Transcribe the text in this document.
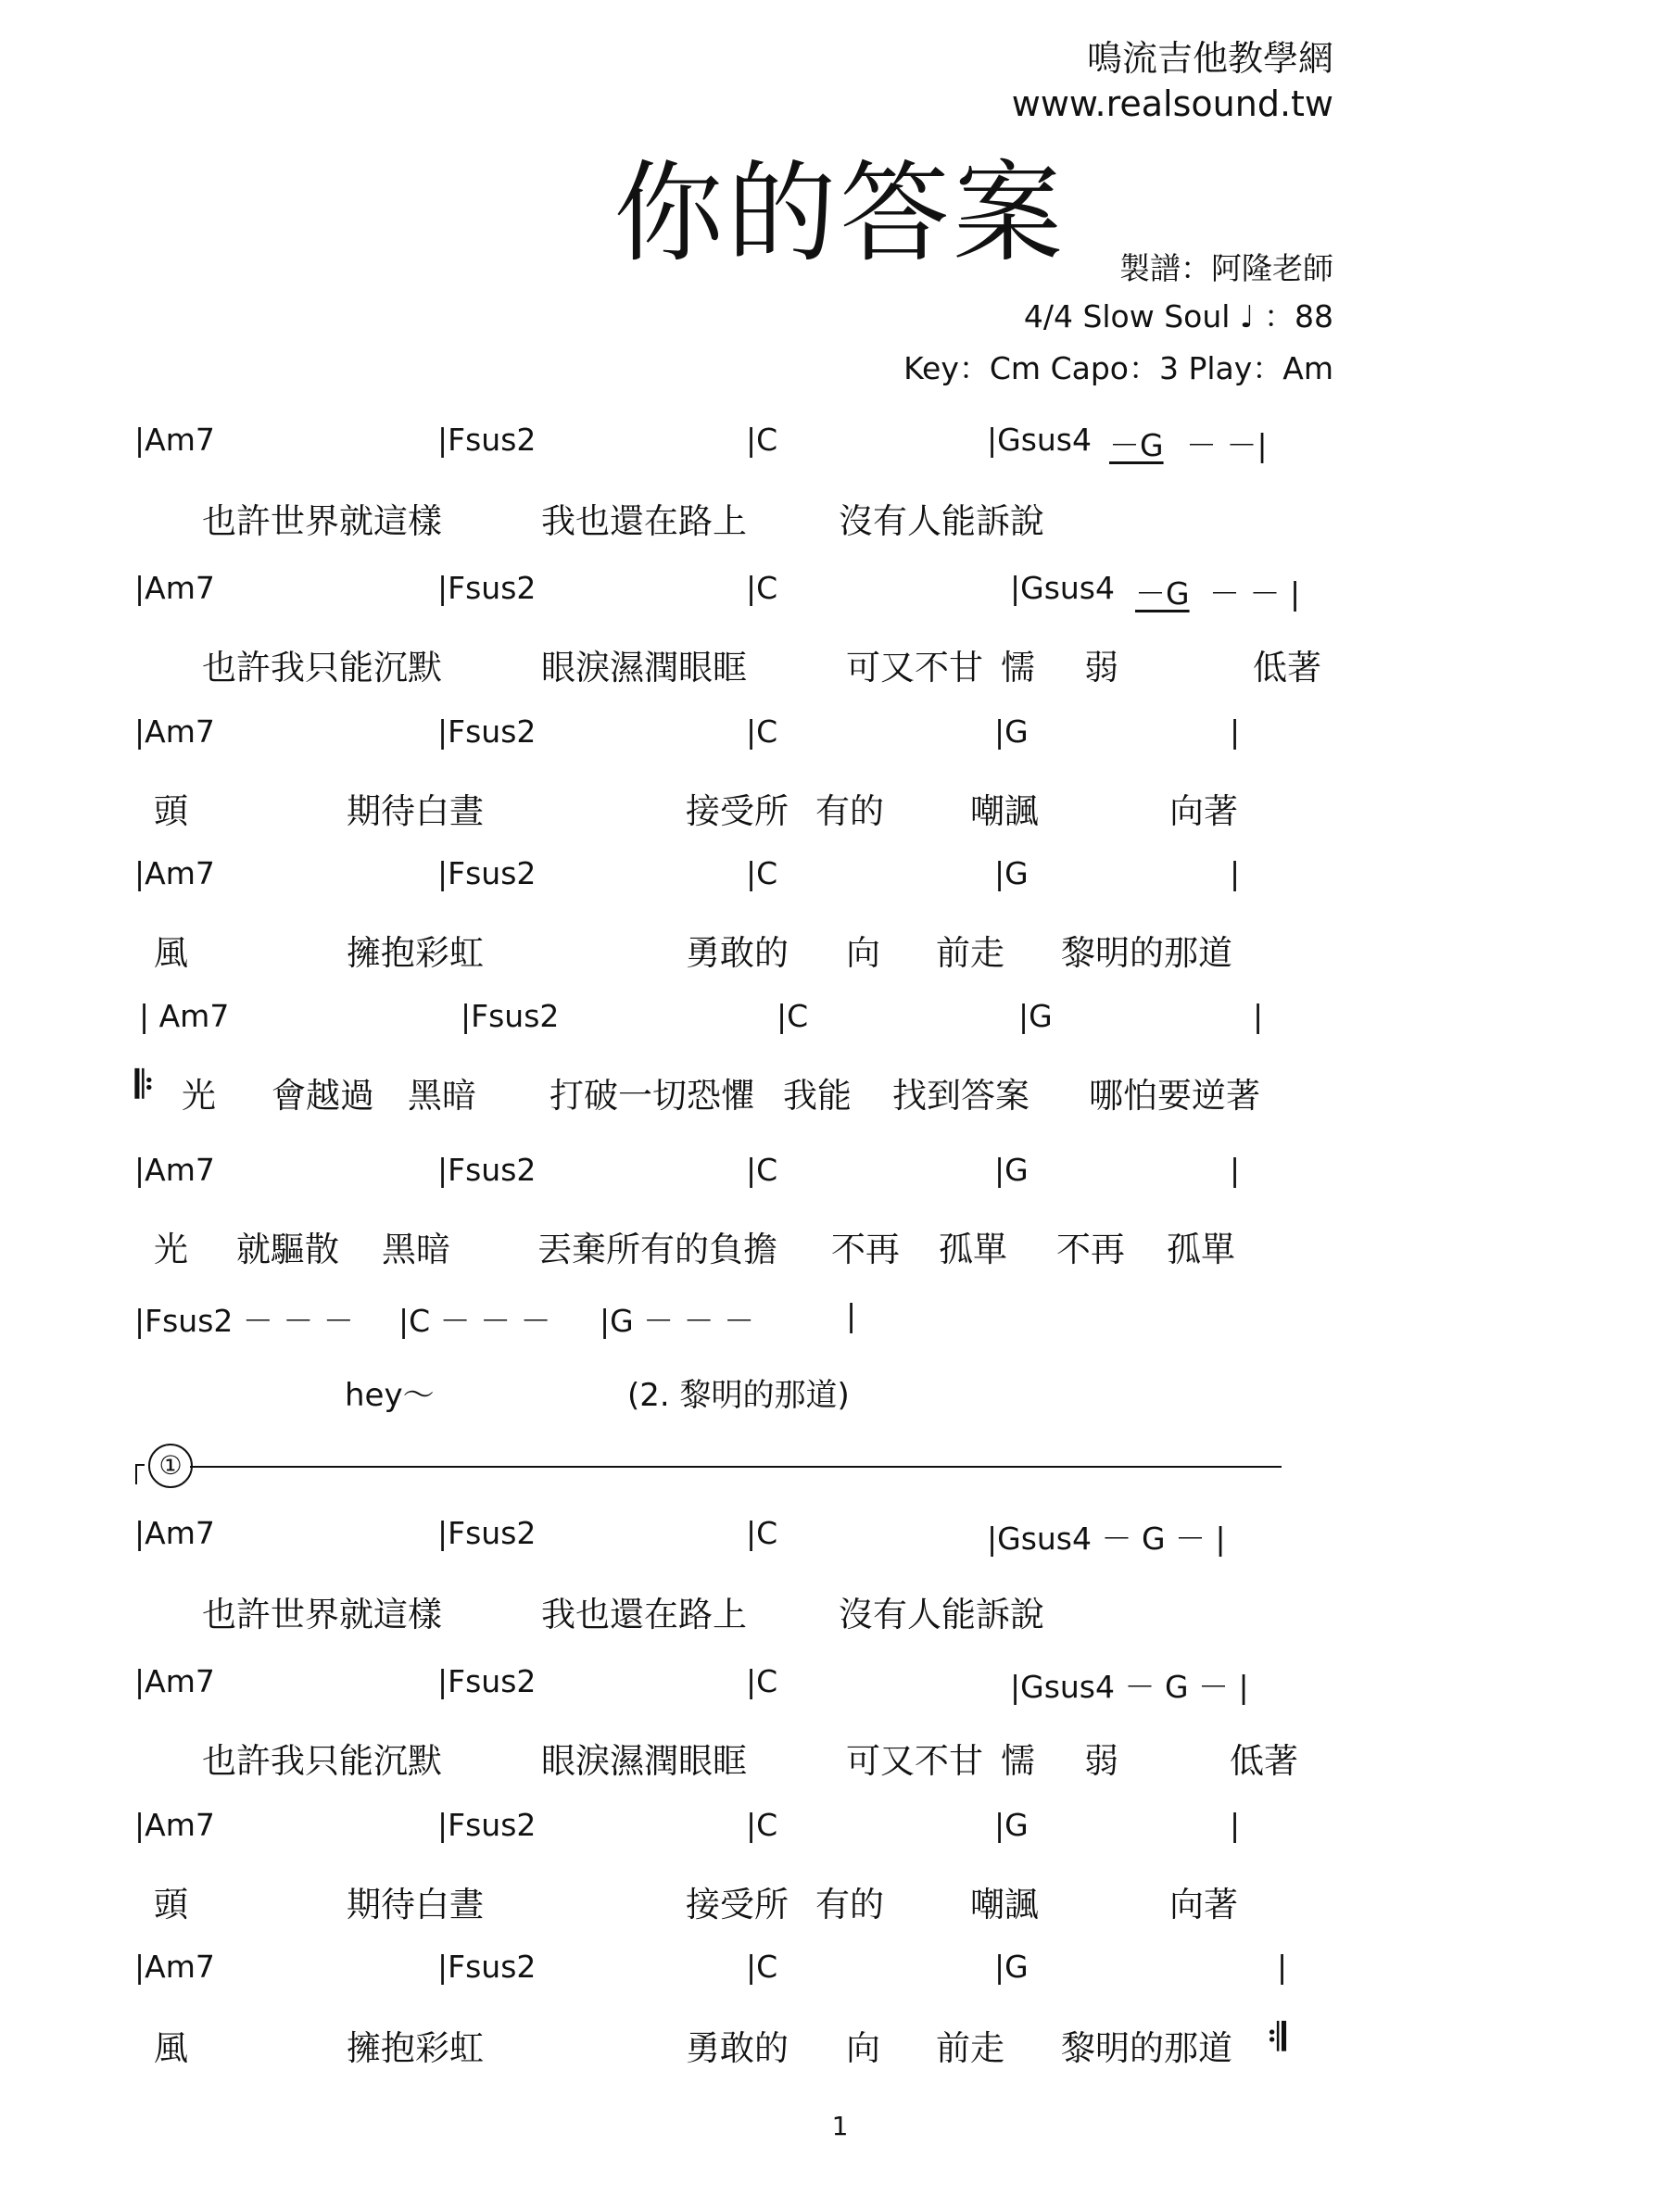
鳴流吉他教學網
www.realsound.tw
你的答案	製譜：阿隆老師
4/4 Slow Soul ♩ ：88
Key：Cm Capo：3 Play：Am
|Am7	|Fsus2	|C	|Gsus4 －G － －|
也許世界就這樣	我也還在路上	沒有人能訴說
|Am7	|Fsus2	|C	|Gsus4 －G － － |
也許我只能沉默	眼淚濕潤眼眶	可又不甘 懦 弱	低著
|Am7	|Fsus2	|C	|G	|
頭	期待白晝	接受所 有的	嘲諷	向著
|Am7	|Fsus2	|C	|G	|
風	擁抱彩虹	勇敢的 向 前走 黎明的那道
| Am7	|Fsus2	|C	|G	|
𝄆 光 會越過 黑暗 打破一切恐懼 我能 找到答案 哪怕要逆著
|Am7	|Fsus2	|C	|G	|
光 就驅散 黑暗	丟棄所有的負擔 不再 孤單 不再 孤單
|Fsus2 － － － |C － － － |G － － －	|
hey～	(2. 黎明的那道)
①
|Am7	|Fsus2	|C	|Gsus4 － G － |
也許世界就這樣	我也還在路上	沒有人能訴說
|Am7	|Fsus2	|C	|Gsus4 － G － |
也許我只能沉默	眼淚濕潤眼眶	可又不甘 懦 弱	低著
|Am7	|Fsus2	|C	|G	|
頭	期待白晝	接受所 有的	嘲諷	向著
|Am7	|Fsus2	|C	|G	|
風	擁抱彩虹	勇敢的 向 前走 黎明的那道 𝄇
1
